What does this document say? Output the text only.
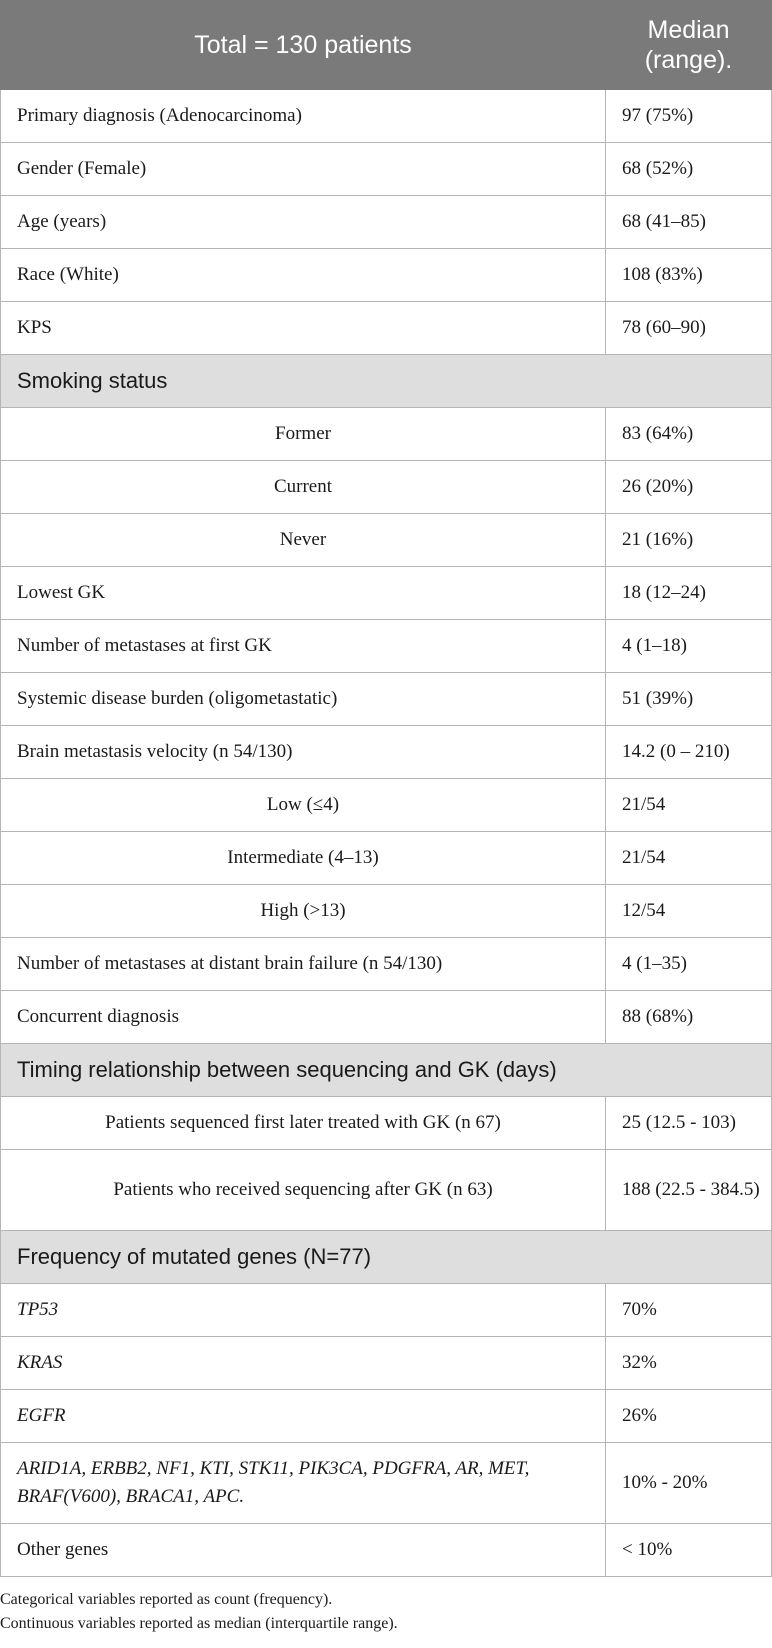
Total = 130 patients	Median (range).
Primary diagnosis (Adenocarcinoma)	97 (75%)
Gender (Female)	68 (52%)
Age (years)	68 (41–85)
Race (White)	108 (83%)
KPS	78 (60–90)
Smoking status	
Former	83 (64%)
Current	26 (20%)
Never	21 (16%)
Lowest GK	18 (12–24)
Number of metastases at first GK	4 (1–18)
Systemic disease burden (oligometastatic)	51 (39%)
Brain metastasis velocity (n 54/130)	14.2 (0 – 210)
Low (≤4)	21/54
Intermediate (4–13)	21/54
High (>13)	12/54
Number of metastases at distant brain failure (n 54/130)	4 (1–35)
Concurrent diagnosis	88 (68%)
Timing relationship between sequencing and GK (days)	
Patients sequenced first later treated with GK (n 67)	25 (12.5 - 103)
Patients who received sequencing after GK (n 63)	188 (22.5 - 384.5)
Frequency of mutated genes (N=77)	
TP53	70%
KRAS	32%
EGFR	26%
ARID1A, ERBB2, NF1, KTI, STK11, PIK3CA, PDGFRA, AR, MET, BRAF(V600), BRACA1, APC.	10% - 20%
Other genes	< 10%
Categorical variables reported as count (frequency).
Continuous variables reported as median (interquartile range).
